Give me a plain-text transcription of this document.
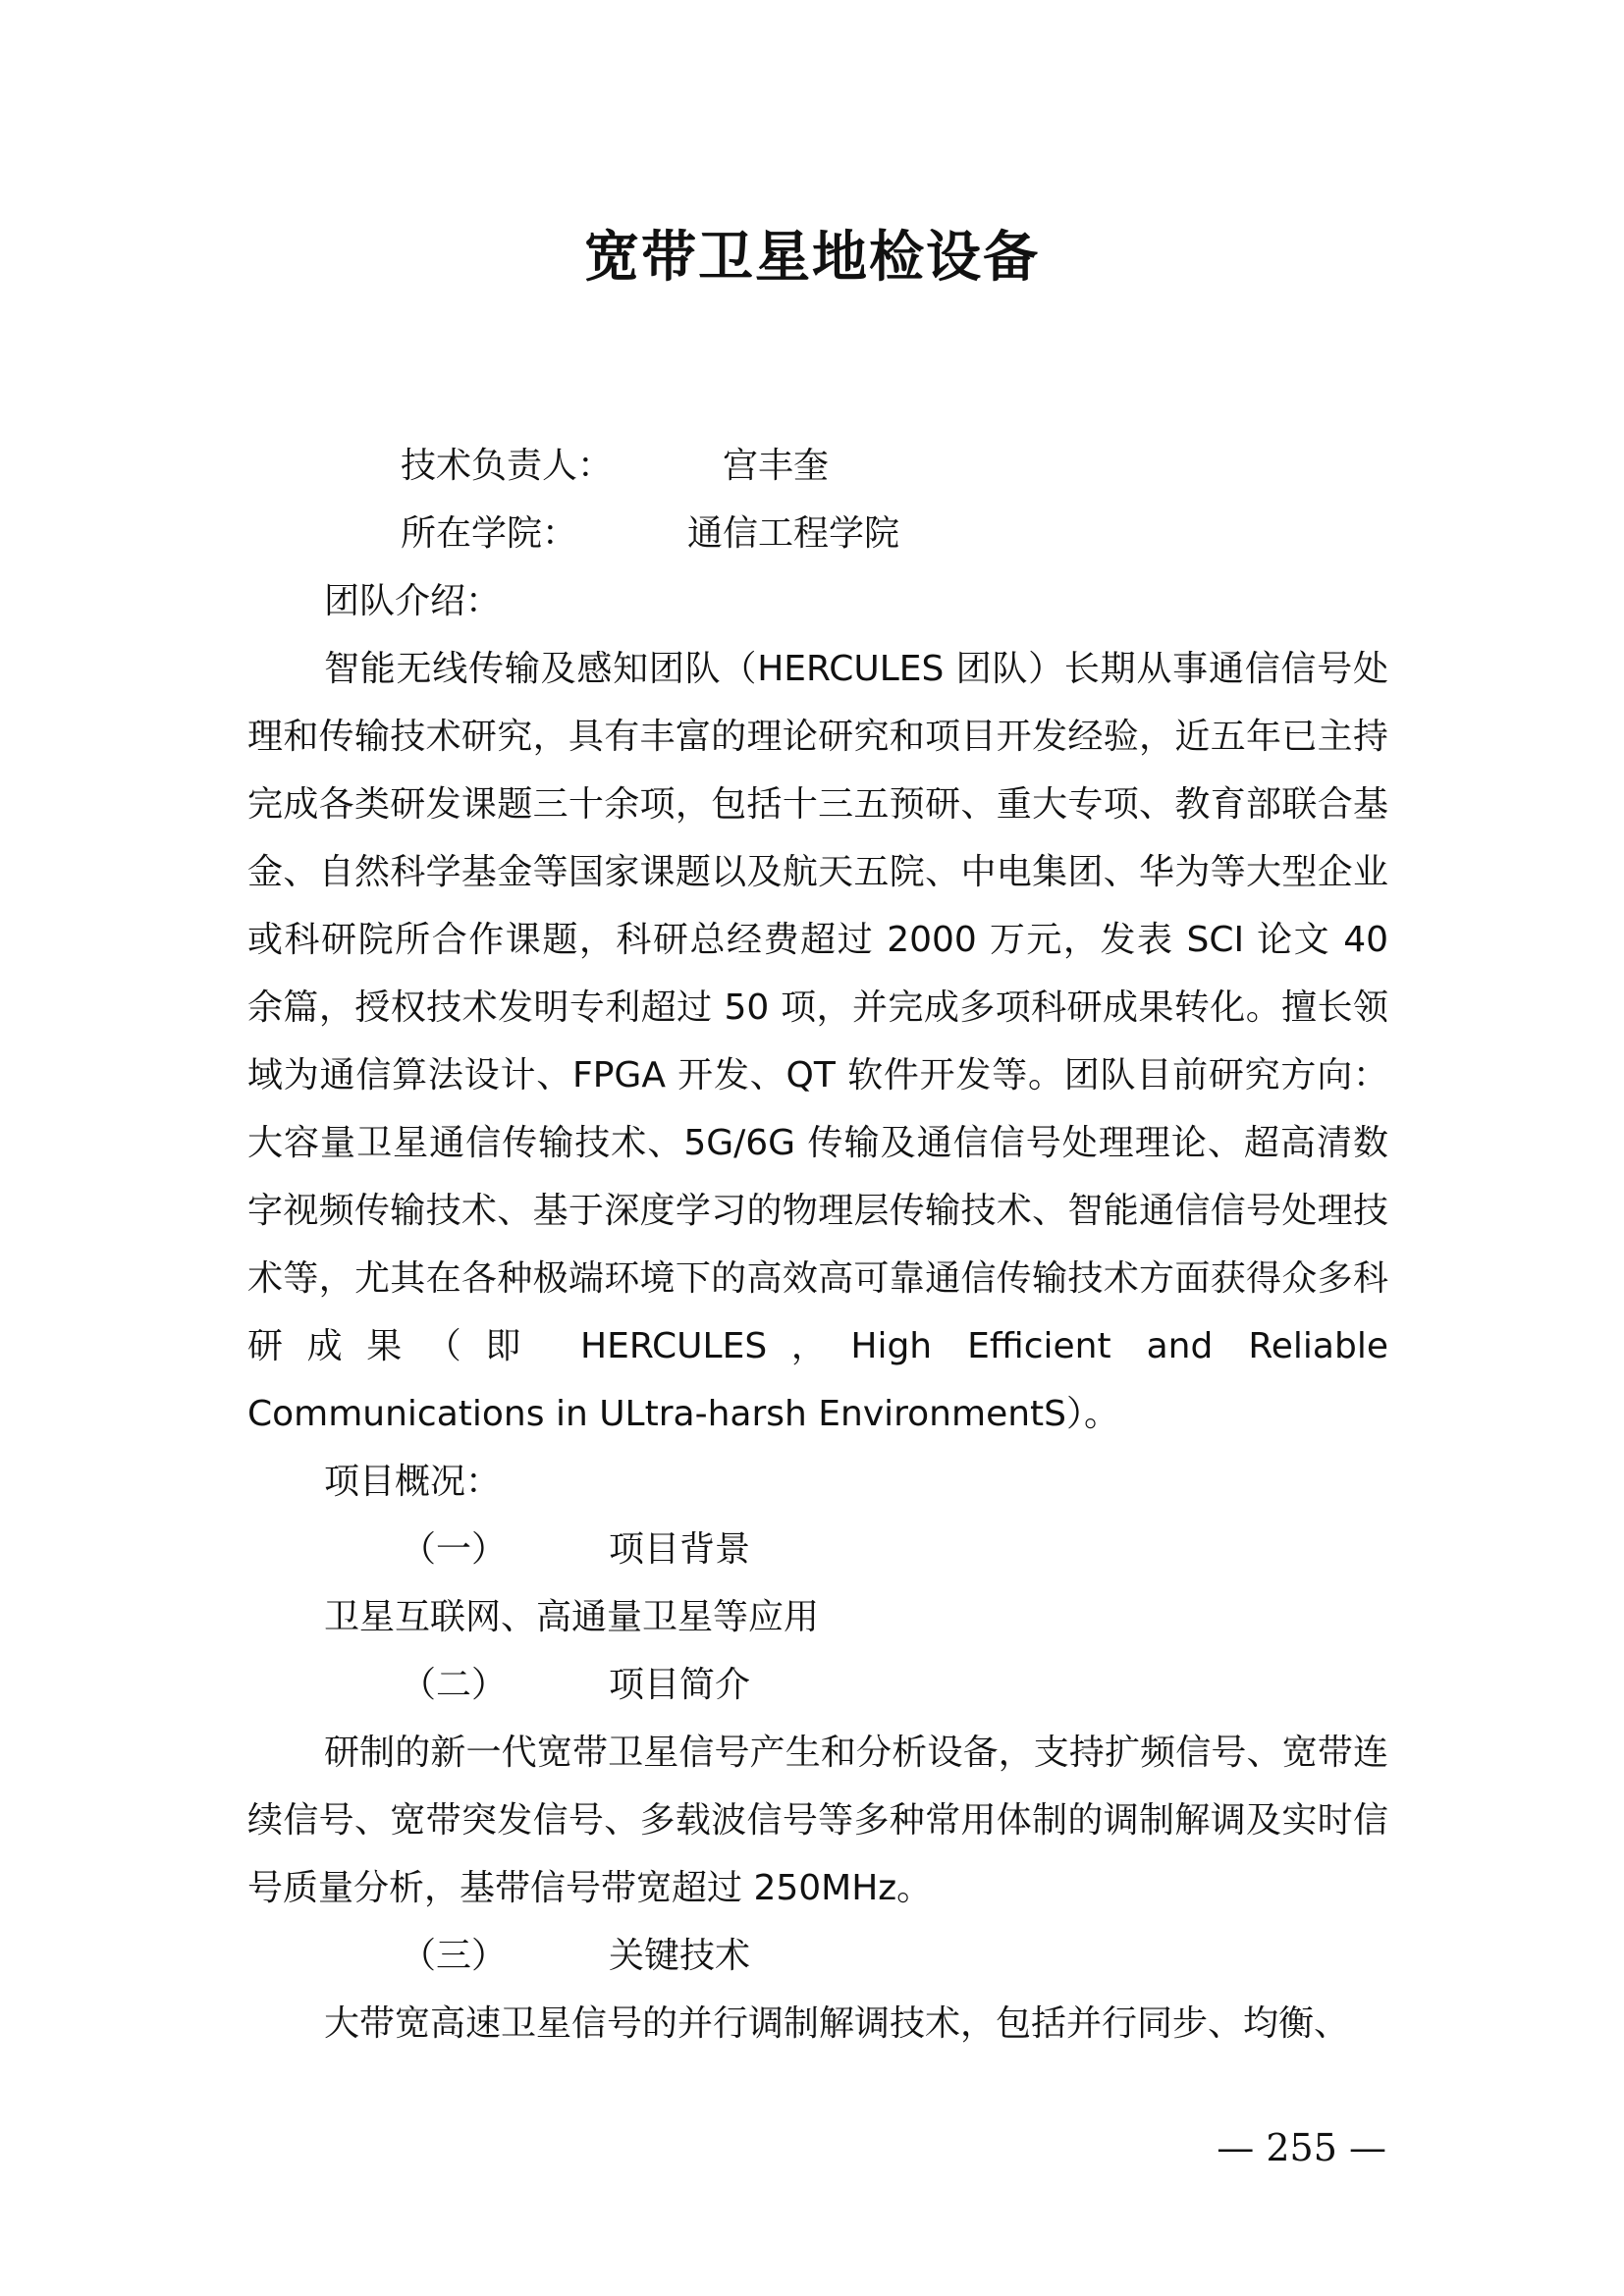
宽带卫星地检设备

技术负责人：	宫丰奎

所在学院：	通信工程学院

团队介绍：

智能无线传输及感知团队（HERCULES 团队）长期从事通信信号处理和传输技术研究，具有丰富的理论研究和项目开发经验，近五年已主持完成各类研发课题三十余项，包括十三五预研、重大专项、教育部联合基金、自然科学基金等国家课题以及航天五院、中电集团、华为等大型企业或科研院所合作课题，科研总经费超过 2000 万元，发表 SCI 论文 40 余篇，授权技术发明专利超过 50 项，并完成多项科研成果转化。擅长领域为通信算法设计、FPGA 开发、QT 软件开发等。团队目前研究方向：大容量卫星通信传输技术、5G/6G 传输及通信信号处理理论、超高清数字视频传输技术、基于深度学习的物理层传输技术、智能通信信号处理技术等，尤其在各种极端环境下的高效高可靠通信传输技术方面获得众多科研成果（即 HERCULES，High Efficient and Reliable Communications in ULtra-harsh EnvironmentS）。

项目概况：

（一）	项目背景

卫星互联网、高通量卫星等应用

（二）	项目简介

研制的新一代宽带卫星信号产生和分析设备，支持扩频信号、宽带连续信号、宽带突发信号、多载波信号等多种常用体制的调制解调及实时信号质量分析，基带信号带宽超过 250MHz。

（三）	关键技术

大带宽高速卫星信号的并行调制解调技术，包括并行同步、均衡、

— 255 —
